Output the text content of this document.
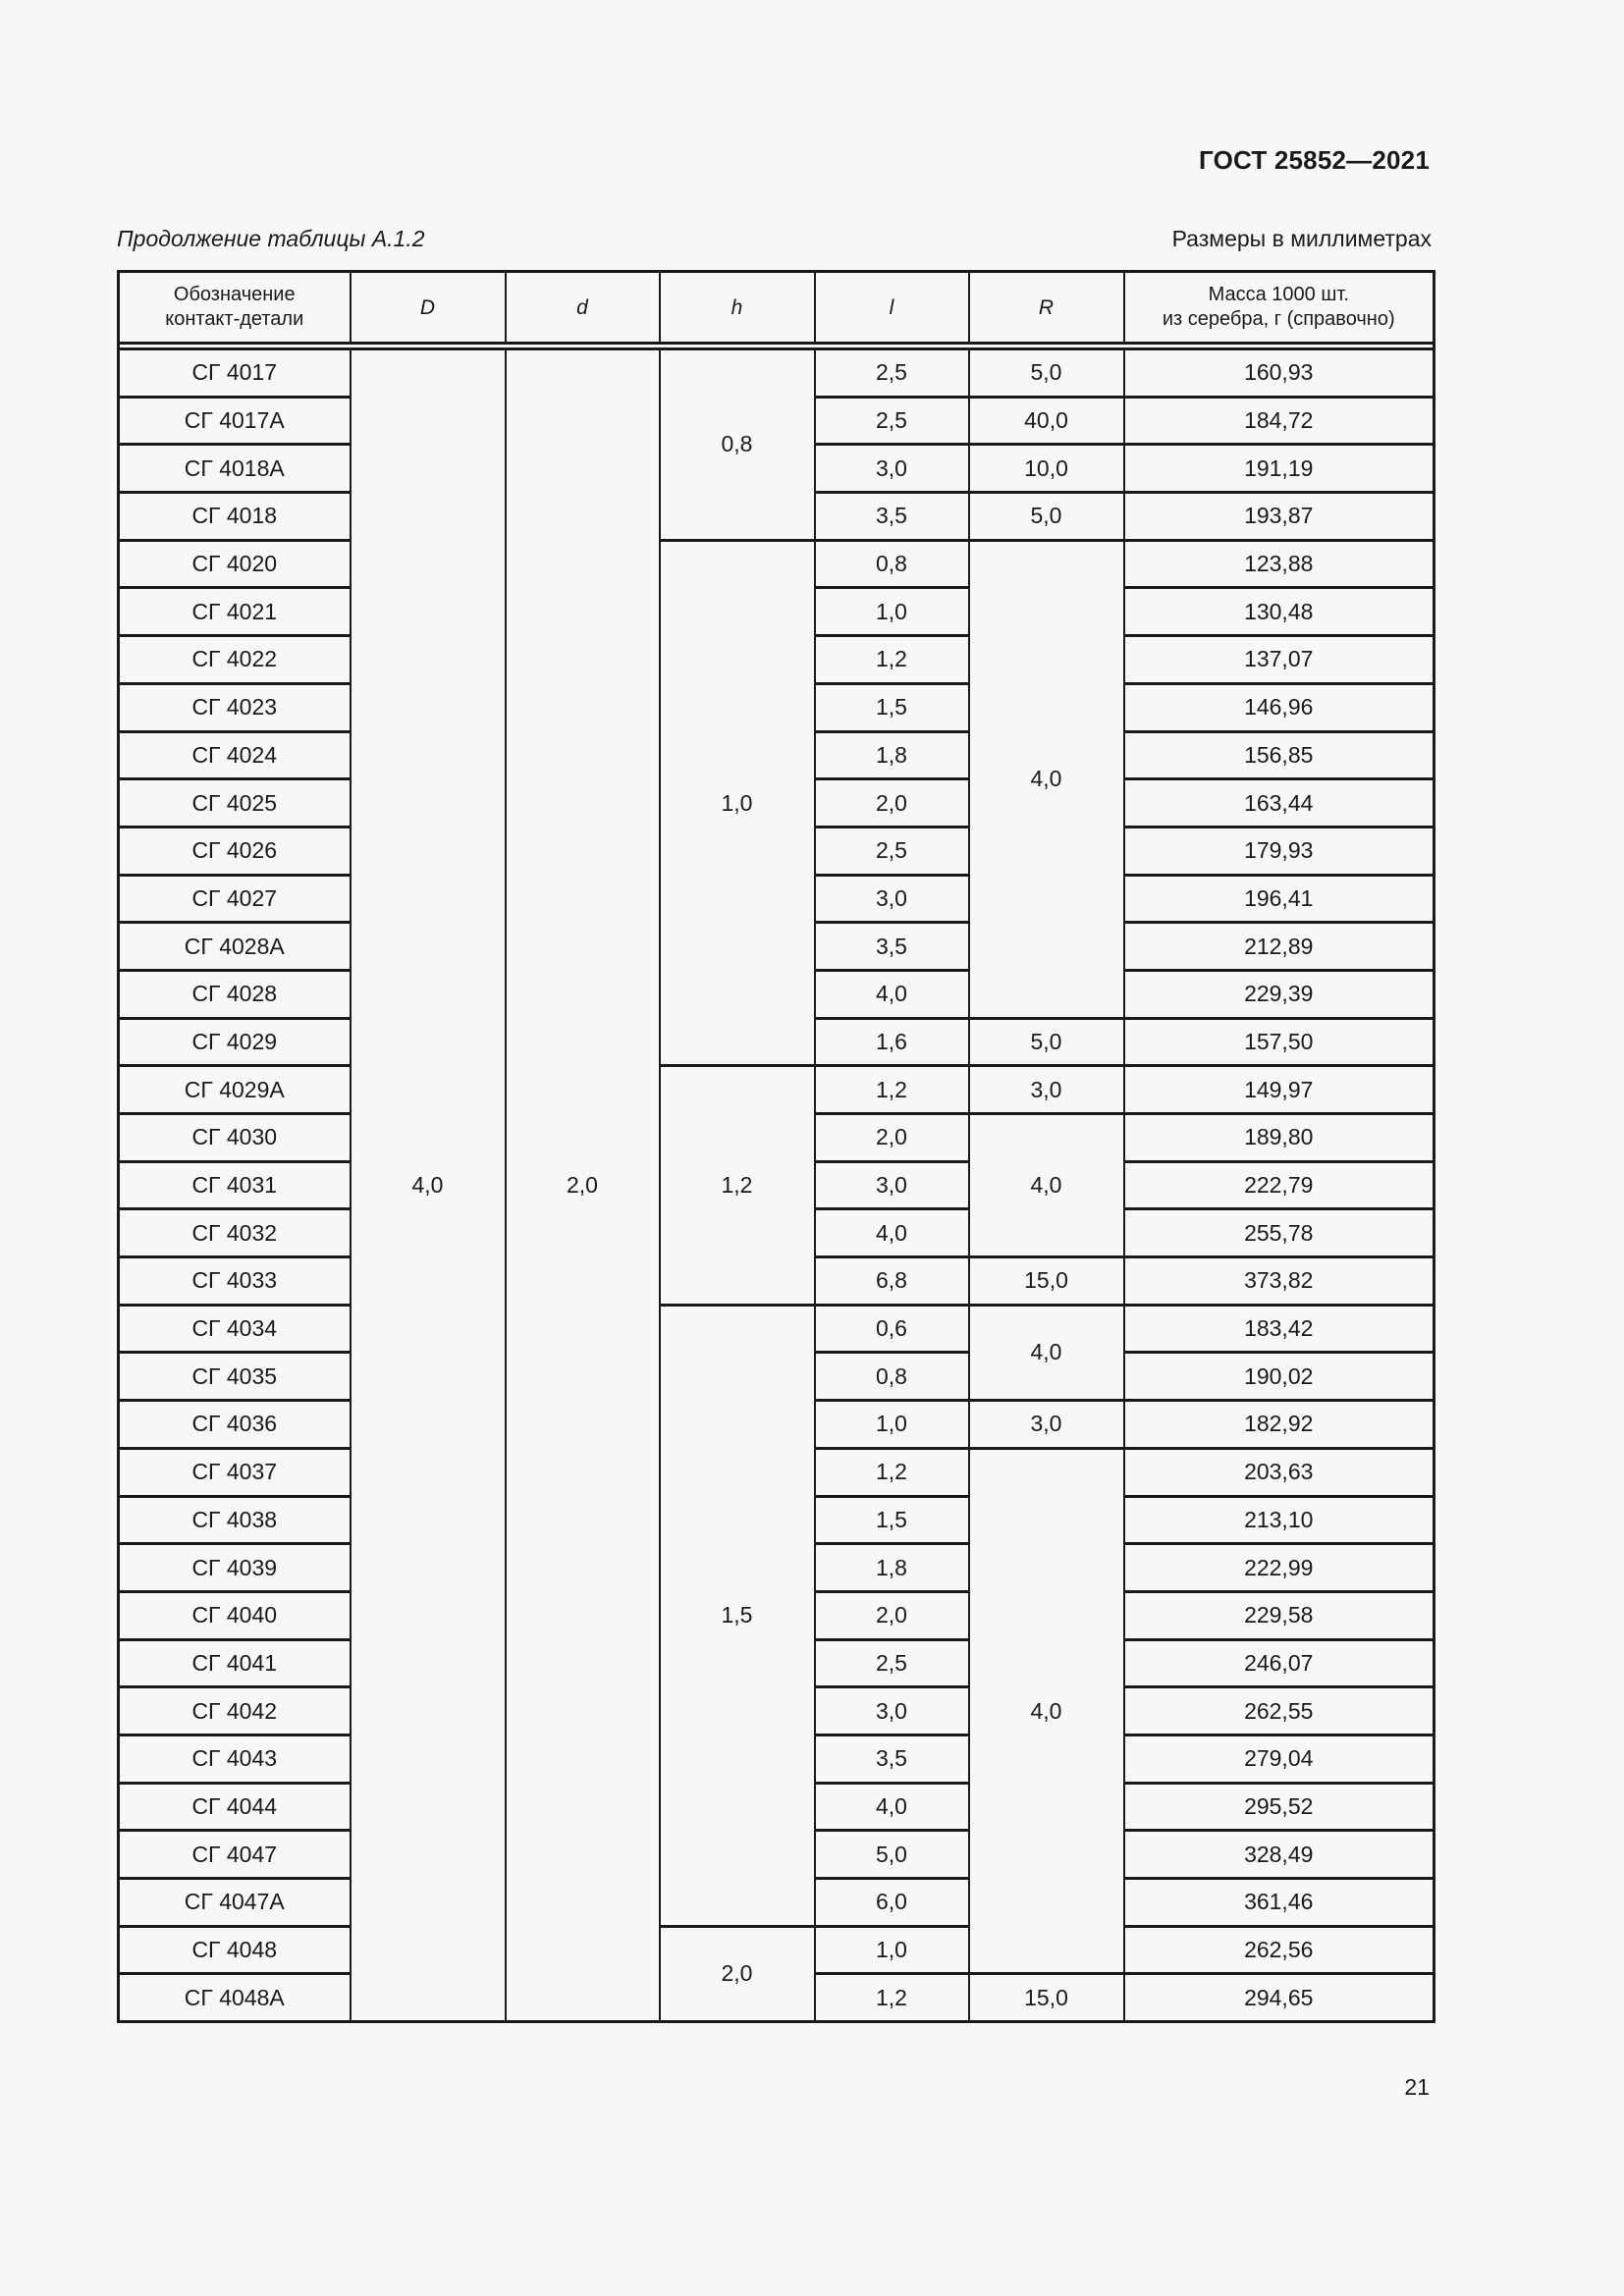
ГОСТ 25852—2021
Продолжение таблицы А.1.2	Размеры в миллиметрах
Обозначение
контакт-детали	D	d	h	l	R	Масса 1000 шт.
из серебра, г (справочно)

СГ 4017	4,0	2,0	0,8	2,5	5,0	160,93
СГ 4017А				2,5	40,0	184,72
СГ 4018А				3,0	10,0	191,19
СГ 4018				3,5	5,0	193,87
СГ 4020			1,0	0,8	4,0	123,88
СГ 4021				1,0		130,48
СГ 4022				1,2		137,07
СГ 4023				1,5		146,96
СГ 4024				1,8		156,85
СГ 4025				2,0		163,44
СГ 4026				2,5		179,93
СГ 4027				3,0		196,41
СГ 4028А				3,5		212,89
СГ 4028				4,0		229,39
СГ 4029				1,6	5,0	157,50
СГ 4029А			1,2	1,2	3,0	149,97
СГ 4030				2,0	4,0	189,80
СГ 4031				3,0		222,79
СГ 4032				4,0		255,78
СГ 4033				6,8	15,0	373,82
СГ 4034			1,5	0,6	4,0	183,42
СГ 4035				0,8		190,02
СГ 4036				1,0	3,0	182,92
СГ 4037				1,2	4,0	203,63
СГ 4038				1,5		213,10
СГ 4039				1,8		222,99
СГ 4040				2,0		229,58
СГ 4041				2,5		246,07
СГ 4042				3,0		262,55
СГ 4043				3,5		279,04
СГ 4044				4,0		295,52
СГ 4047				5,0		328,49
СГ 4047А				6,0		361,46
СГ 4048			2,0	1,0		262,56
СГ 4048А				1,2	15,0	294,65
21
